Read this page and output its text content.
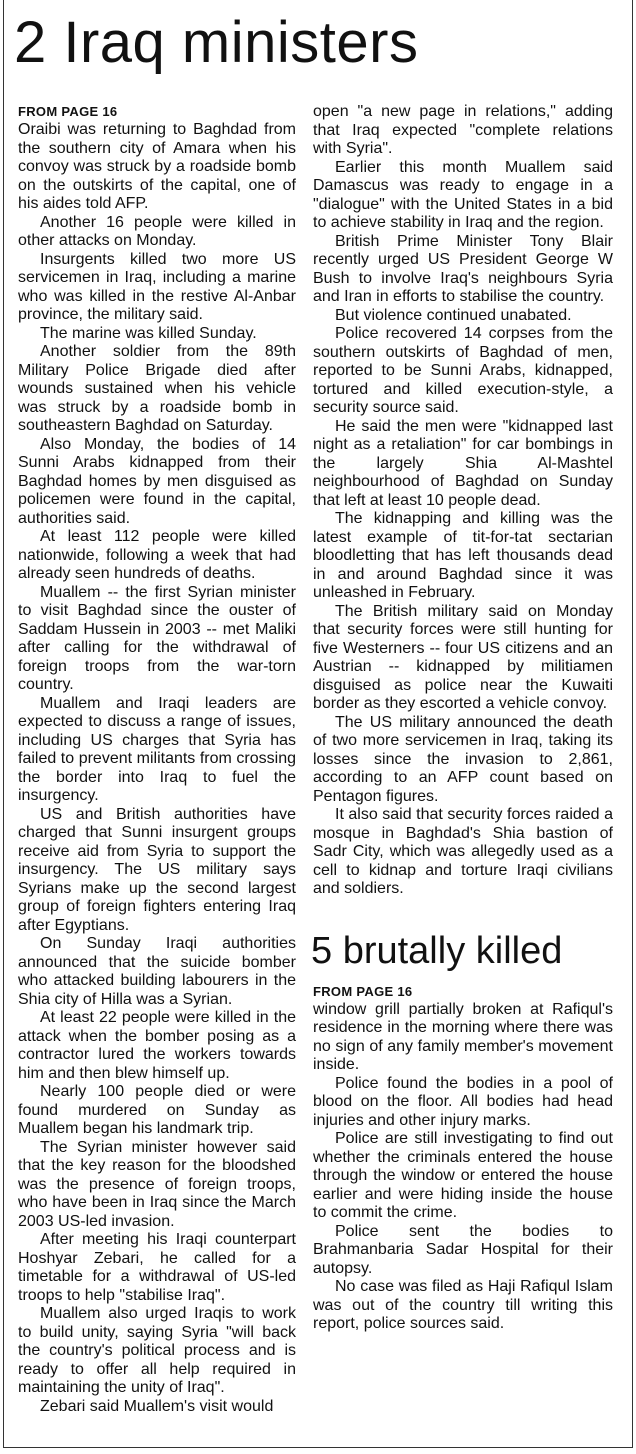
2 Iraq ministers
FROM PAGE 16

Oraibi was returning to Baghdad from the southern city of Amara when his convoy was struck by a roadside bomb on the outskirts of the capital, one of his aides told AFP.

Another 16 people were killed in other attacks on Monday.

Insurgents killed two more US servicemen in Iraq, including a marine who was killed in the restive Al-Anbar province, the military said.

The marine was killed Sunday.

Another soldier from the 89th Military Police Brigade died after wounds sustained when his vehicle was struck by a roadside bomb in southeastern Baghdad on Saturday.

Also Monday, the bodies of 14 Sunni Arabs kidnapped from their Baghdad homes by men disguised as policemen were found in the capital, authorities said.

At least 112 people were killed nationwide, following a week that had already seen hundreds of deaths.

Muallem -- the first Syrian minister to visit Baghdad since the ouster of Saddam Hussein in 2003 -- met Maliki after calling for the withdrawal of foreign troops from the war-torn country.

Muallem and Iraqi leaders are expected to discuss a range of issues, including US charges that Syria has failed to prevent militants from crossing the border into Iraq to fuel the insurgency.

US and British authorities have charged that Sunni insurgent groups receive aid from Syria to support the insurgency. The US military says Syrians make up the second largest group of foreign fighters entering Iraq after Egyptians.

On Sunday Iraqi authorities announced that the suicide bomber who attacked building labourers in the Shia city of Hilla was a Syrian.

At least 22 people were killed in the attack when the bomber posing as a contractor lured the workers towards him and then blew himself up.

Nearly 100 people died or were found murdered on Sunday as Muallem began his landmark trip.

The Syrian minister however said that the key reason for the bloodshed was the presence of foreign troops, who have been in Iraq since the March 2003 US-led invasion.

After meeting his Iraqi counterpart Hoshyar Zebari, he called for a timetable for a withdrawal of US-led troops to help "stabilise Iraq".

Muallem also urged Iraqis to work to build unity, saying Syria "will back the country's political process and is ready to offer all help required in maintaining the unity of Iraq".

Zebari said Muallem's visit would

open "a new page in relations," adding that Iraq expected "complete relations with Syria".

Earlier this month Muallem said Damascus was ready to engage in a "dialogue" with the United States in a bid to achieve stability in Iraq and the region.

British Prime Minister Tony Blair recently urged US President George W Bush to involve Iraq's neighbours Syria and Iran in efforts to stabilise the country.

But violence continued unabated.

Police recovered 14 corpses from the southern outskirts of Baghdad of men, reported to be Sunni Arabs, kidnapped, tortured and killed execution-style, a security source said.

He said the men were "kidnapped last night as a retaliation" for car bombings in the largely Shia Al-Mashtel neighbourhood of Baghdad on Sunday that left at least 10 people dead.

The kidnapping and killing was the latest example of tit-for-tat sectarian bloodletting that has left thousands dead in and around Baghdad since it was unleashed in February.

The British military said on Monday that security forces were still hunting for five Westerners -- four US citizens and an Austrian -- kidnapped by militiamen disguised as police near the Kuwaiti border as they escorted a vehicle convoy.

The US military announced the death of two more servicemen in Iraq, taking its losses since the invasion to 2,861, according to an AFP count based on Pentagon figures.

It also said that security forces raided a mosque in Baghdad's Shia bastion of Sadr City, which was allegedly used as a cell to kidnap and torture Iraqi civilians and soldiers.

5 brutally killed
FROM PAGE 16

window grill partially broken at Rafiqul's residence in the morning where there was no sign of any family member's movement inside.

Police found the bodies in a pool of blood on the floor. All bodies had head injuries and other injury marks.

Police are still investigating to find out whether the criminals entered the house through the window or entered the house earlier and were hiding inside the house to commit the crime.

Police sent the bodies to Brahmanbaria Sadar Hospital for their autopsy.

No case was filed as Haji Rafiqul Islam was out of the country till writing this report, police sources said.
